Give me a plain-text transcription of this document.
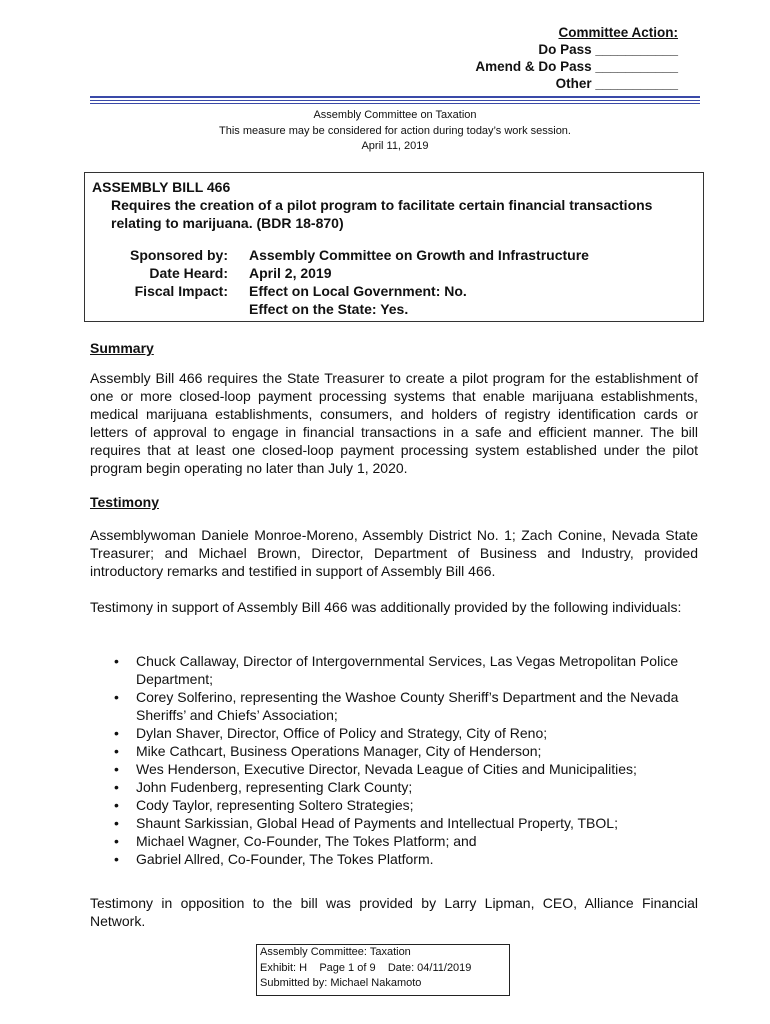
Committee Action:
Do Pass ___________
Amend & Do Pass ___________
Other ___________
Assembly Committee on Taxation
This measure may be considered for action during today’s work session.
April 11, 2019
ASSEMBLY BILL 466
Requires the creation of a pilot program to facilitate certain financial transactions relating to marijuana. (BDR 18-870)
Sponsored by:
Date Heard:
Fiscal Impact:
Assembly Committee on Growth and Infrastructure
April 2, 2019
Effect on Local Government: No.
Effect on the State: Yes.
Summary
Assembly Bill 466 requires the State Treasurer to create a pilot program for the establishment of one or more closed-loop payment processing systems that enable marijuana establishments, medical marijuana establishments, consumers, and holders of registry identification cards or letters of approval to engage in financial transactions in a safe and efficient manner. The bill requires that at least one closed-loop payment processing system established under the pilot program begin operating no later than July 1, 2020.
Testimony
Assemblywoman Daniele Monroe-Moreno, Assembly District No. 1; Zach Conine, Nevada State Treasurer; and Michael Brown, Director, Department of Business and Industry, provided introductory remarks and testified in support of Assembly Bill 466.
Testimony in support of Assembly Bill 466 was additionally provided by the following individuals:
• Chuck Callaway, Director of Intergovernmental Services, Las Vegas Metropolitan Police Department;
• Corey Solferino, representing the Washoe County Sheriff’s Department and the Nevada Sheriffs’ and Chiefs’ Association;
• Dylan Shaver, Director, Office of Policy and Strategy, City of Reno;
• Mike Cathcart, Business Operations Manager, City of Henderson;
• Wes Henderson, Executive Director, Nevada League of Cities and Municipalities;
• John Fudenberg, representing Clark County;
• Cody Taylor, representing Soltero Strategies;
• Shaunt Sarkissian, Global Head of Payments and Intellectual Property, TBOL;
• Michael Wagner, Co-Founder, The Tokes Platform; and
• Gabriel Allred, Co-Founder, The Tokes Platform.
Testimony in opposition to the bill was provided by Larry Lipman, CEO, Alliance Financial Network.
Assembly Committee: Taxation
Exhibit: H Page 1 of 9 Date: 04/11/2019
Submitted by: Michael Nakamoto
